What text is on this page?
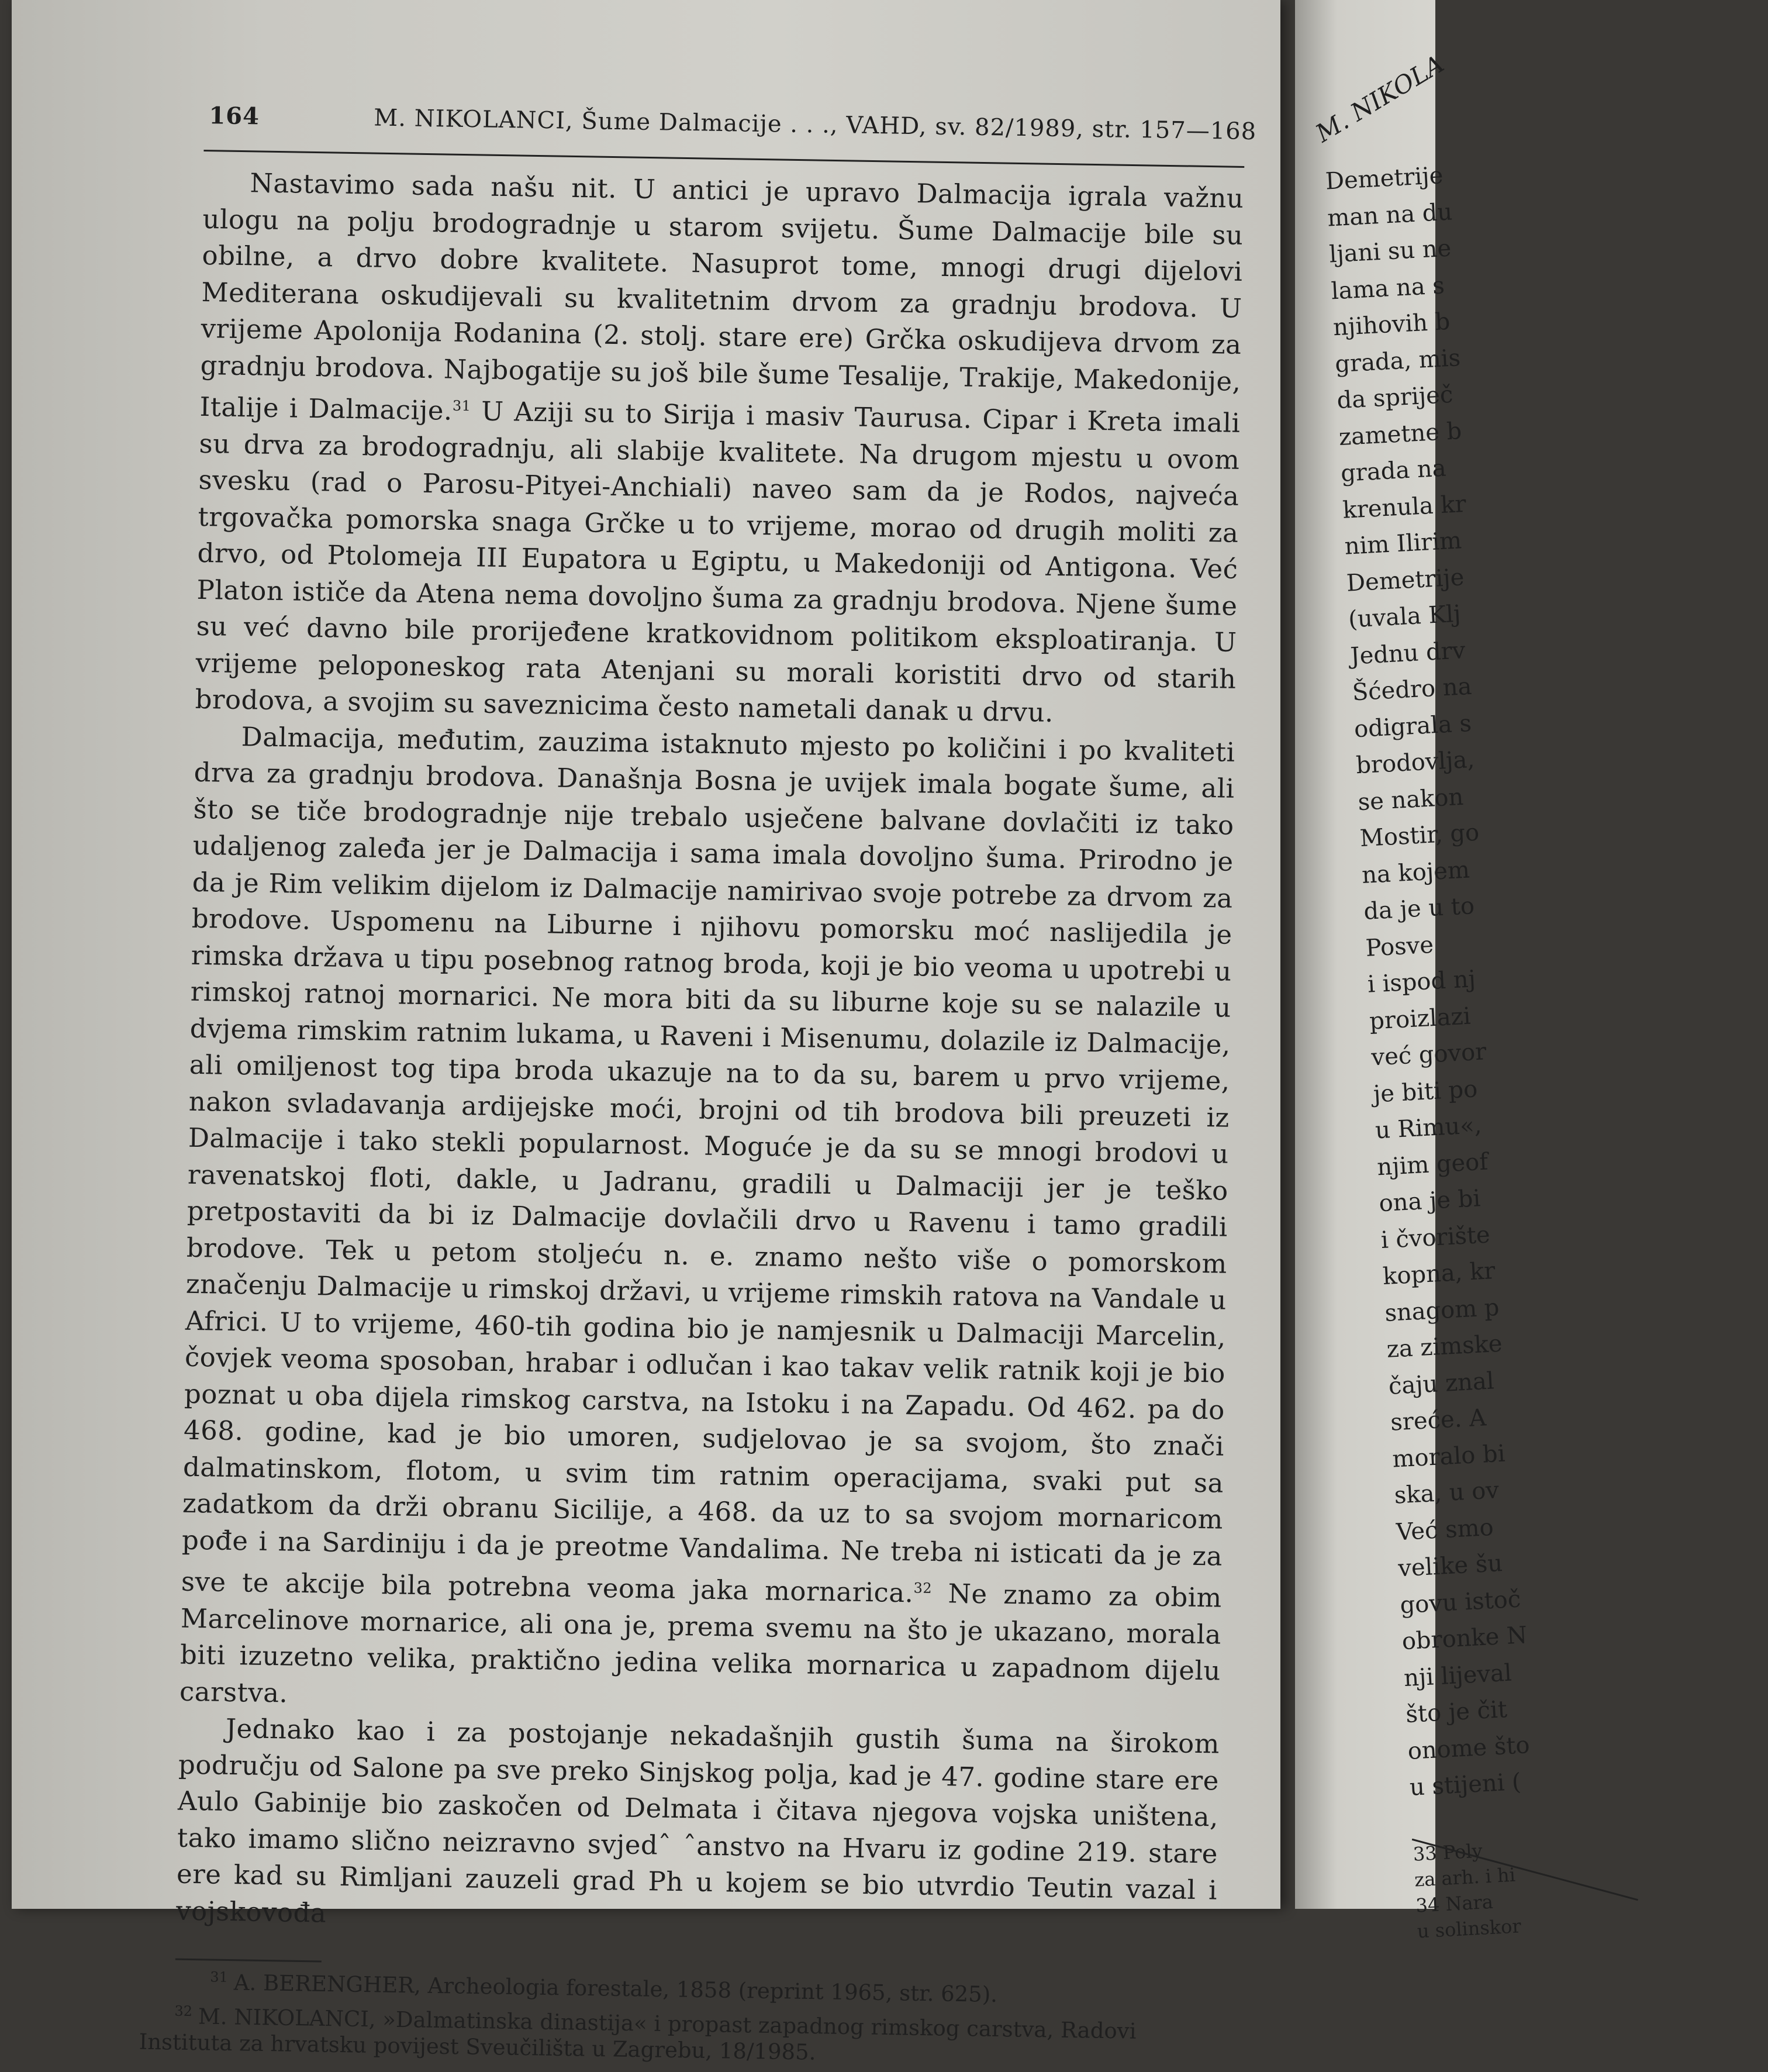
164	M. NIKOLANCI, Šume Dalmacije . . ., VAHD, sv. 82/1989, str. 157—168

Nastavimo sada našu nit. U antici je upravo Dalmacija igrala važnu ulogu na polju brodogradnje u starom svijetu. Šume Dalmacije bile su obilne, a drvo dobre kvalitete. Nasuprot tome, mnogi drugi dijelovi Mediterana oskudijevali su kvalitetnim drvom za gradnju brodova. U vrijeme Apolonija Rodanina (2. stolj. stare ere) Grčka oskudijeva drvom za gradnju brodova. Najbogatije su još bile šume Tesalije, Trakije, Makedonije, Italije i Dalmacije.$^{31}$ U Aziji su to Sirija i masiv Taurusa. Cipar i Kreta imali su drva za brodogradnju, ali slabije kvalitete. Na drugom mjestu u ovom svesku (rad o Parosu-Pityei-Anchiali) naveo sam da je Rodos, najveća trgovačka pomorska snaga Grčke u to vrijeme, morao od drugih moliti za drvo, od Ptolomeja III Eupatora u Egiptu, u Makedoniji od Antigona. Već Platon ističe da Atena nema dovoljno šuma za gradnju brodova. Njene šume su već davno bile prorijeđene kratkovidnom politikom eksploatiranja. U vrijeme peloponeskog rata Atenjani su morali koristiti drvo od starih brodova, a svojim su saveznicima često nametali danak u drvu.

Dalmacija, međutim, zauzima istaknuto mjesto po količini i po kvaliteti drva za gradnju brodova. Današnja Bosna je uvijek imala bogate šume, ali što se tiče brodogradnje nije trebalo usječene balvane dovlačiti iz tako udaljenog zaleđa jer je Dalmacija i sama imala dovoljno šuma. Prirodno je da je Rim velikim dijelom iz Dalmacije namirivao svoje potrebe za drvom za brodove. Uspomenu na Liburne i njihovu pomorsku moć naslijedila je rimska država u tipu posebnog ratnog broda, koji je bio veoma u upotrebi u rimskoj ratnoj mornarici. Ne mora biti da su liburne koje su se nalazile u dvjema rimskim ratnim lukama, u Raveni i Misenumu, dolazile iz Dalmacije, ali omiljenost tog tipa broda ukazuje na to da su, barem u prvo vrijeme, nakon svladavanja ardijejske moći, brojni od tih brodova bili preuzeti iz Dalmacije i tako stekli popularnost. Moguće je da su se mnogi brodovi u ravenatskoj floti, dakle, u Jadranu, gradili u Dalmaciji jer je teško pretpostaviti da bi iz Dalmacije dovlačili drvo u Ravenu i tamo gradili brodove. Tek u petom stoljeću n. e. znamo nešto više o pomorskom značenju Dalmacije u rimskoj državi, u vrijeme rimskih ratova na Vandale u Africi. U to vrijeme, 460-tih godina bio je namjesnik u Dalmaciji Marcelin, čovjek veoma sposoban, hrabar i odlučan i kao takav velik ratnik koji je bio poznat u oba dijela rimskog carstva, na Istoku i na Zapadu. Od 462. pa do 468. godine, kad je bio umoren, sudjelovao je sa svojom, što znači dalmatinskom, flotom, u svim tim ratnim operacijama, svaki put sa zadatkom da drži obranu Sicilije, a 468. da uz to sa svojom mornaricom pođe i na Sardiniju i da je preotme Vandalima. Ne treba ni isticati da je za sve te akcije bila potrebna veoma jaka mornarica.$^{32}$ Ne znamo za obim Marcelinove mornarice, ali ona je, prema svemu na što je ukazano, morala biti izuzetno velika, praktično jedina velika mornarica u zapadnom dijelu carstva.

Jednako kao i za postojanje nekadašnjih gustih šuma na širokom području od Salone pa sve preko Sinjskog polja, kad je 47. godine stare ere Aulo Gabinije bio zaskočen od Delmata i čitava njegova vojska uništena, tako imamo slično neizravno svjedˆ ˆanstvo na Hvaru iz godine 219. stare ere kad su Rimljani zauzeli grad Ph u kojem se bio utvrdio Teutin vazal i vojskovođa

$^{31}$ A. BERENGHER, Archeologia forestale, 1858 (reprint 1965, str. 625).

$^{32}$ M. NIKOLANCI, »Dalmatinska dinastija« i propast zapadnog rimskog carstva, Radovi Instituta za hrvatsku povijest Sveučilišta u Zagrebu, 18/1985.

M. NIKOLA

Demetrije

man na du

ljani su ne

lama na s

njihovih b

grada, mis

da spriječ

zametne b

grada na

krenula kr

nim Ilirim

Demetrije

(uvala Klj

Jednu drv

Šćedro na

odigrala s

brodovlja,

se nakon

Mostir, go

na kojem

da je u to

Posve

i ispod nj

proizlazi

već govor

je biti po

u Rimu«,

njim geof

ona je bi

i čvorište

kopna, kr

snagom p

za zimske

čaju znal

sreće. A

moralo bi

ska, u ov

Već smo

velike šu

govu istoč

obronke N

nji lijeval

što je čit

onome što

u stijeni (

33 Poly

za arh. i hi

34 Nara

u solinskor
